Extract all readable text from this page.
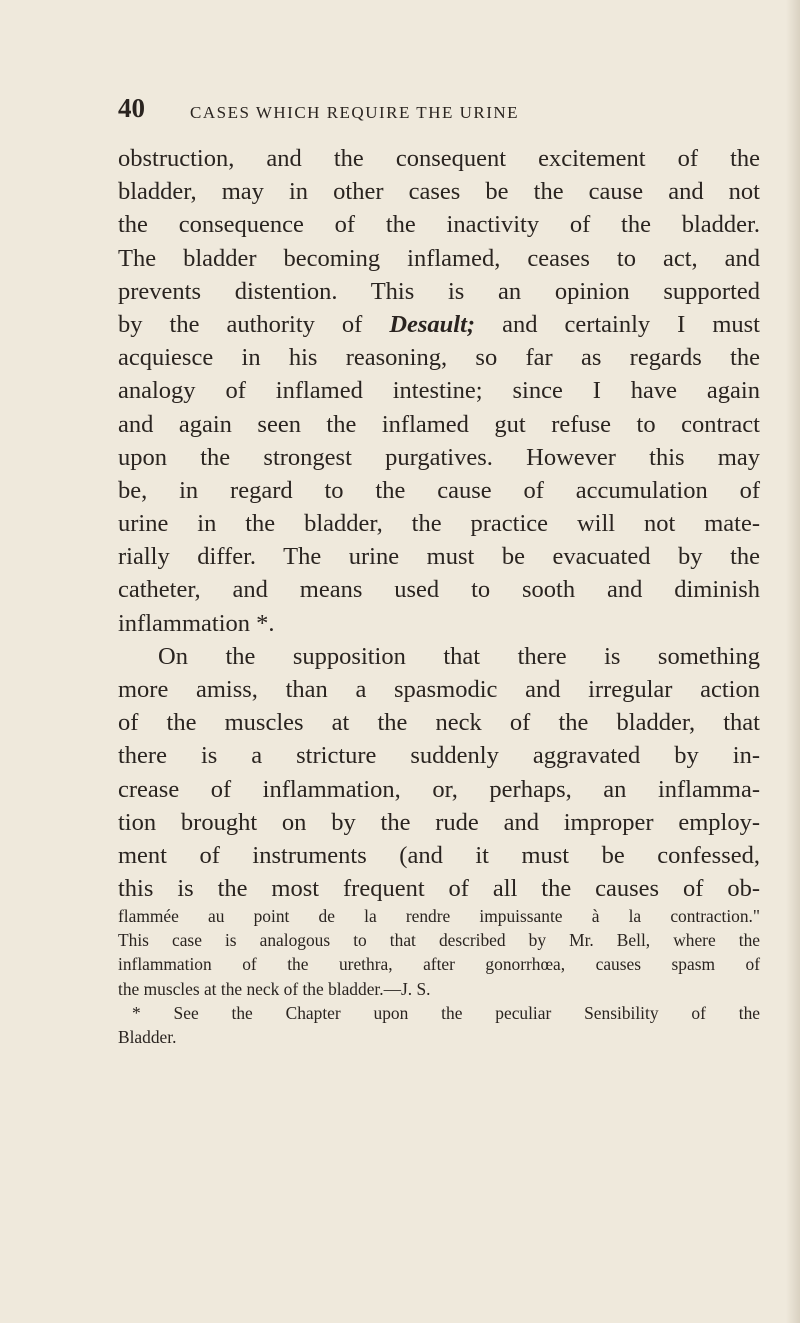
40	CASES WHICH REQUIRE THE URINE
obstruction, and the consequent excitement of the
bladder, may in other cases be the cause and not
the consequence of the inactivity of the bladder.
The bladder becoming inflamed, ceases to act, and
prevents distention. This is an opinion supported
by the authority of Desault; and certainly I must
acquiesce in his reasoning, so far as regards the
analogy of inflamed intestine; since I have again
and again seen the inflamed gut refuse to contract
upon the strongest purgatives. However this may
be, in regard to the cause of accumulation of
urine in the bladder, the practice will not mate-
rially differ. The urine must be evacuated by the
catheter, and means used to sooth and diminish
inflammation *.
On the supposition that there is something
more amiss, than a spasmodic and irregular action
of the muscles at the neck of the bladder, that
there is a stricture suddenly aggravated by in-
crease of inflammation, or, perhaps, an inflamma-
tion brought on by the rude and improper employ-
ment of instruments (and it must be confessed,
this is the most frequent of all the causes of ob-
flammée au point de la rendre impuissante à la contraction."
This case is analogous to that described by Mr. Bell, where the
inflammation of the urethra, after gonorrhœa, causes spasm of
the muscles at the neck of the bladder.—J. S.
* See the Chapter upon the peculiar Sensibility of the
Bladder.
